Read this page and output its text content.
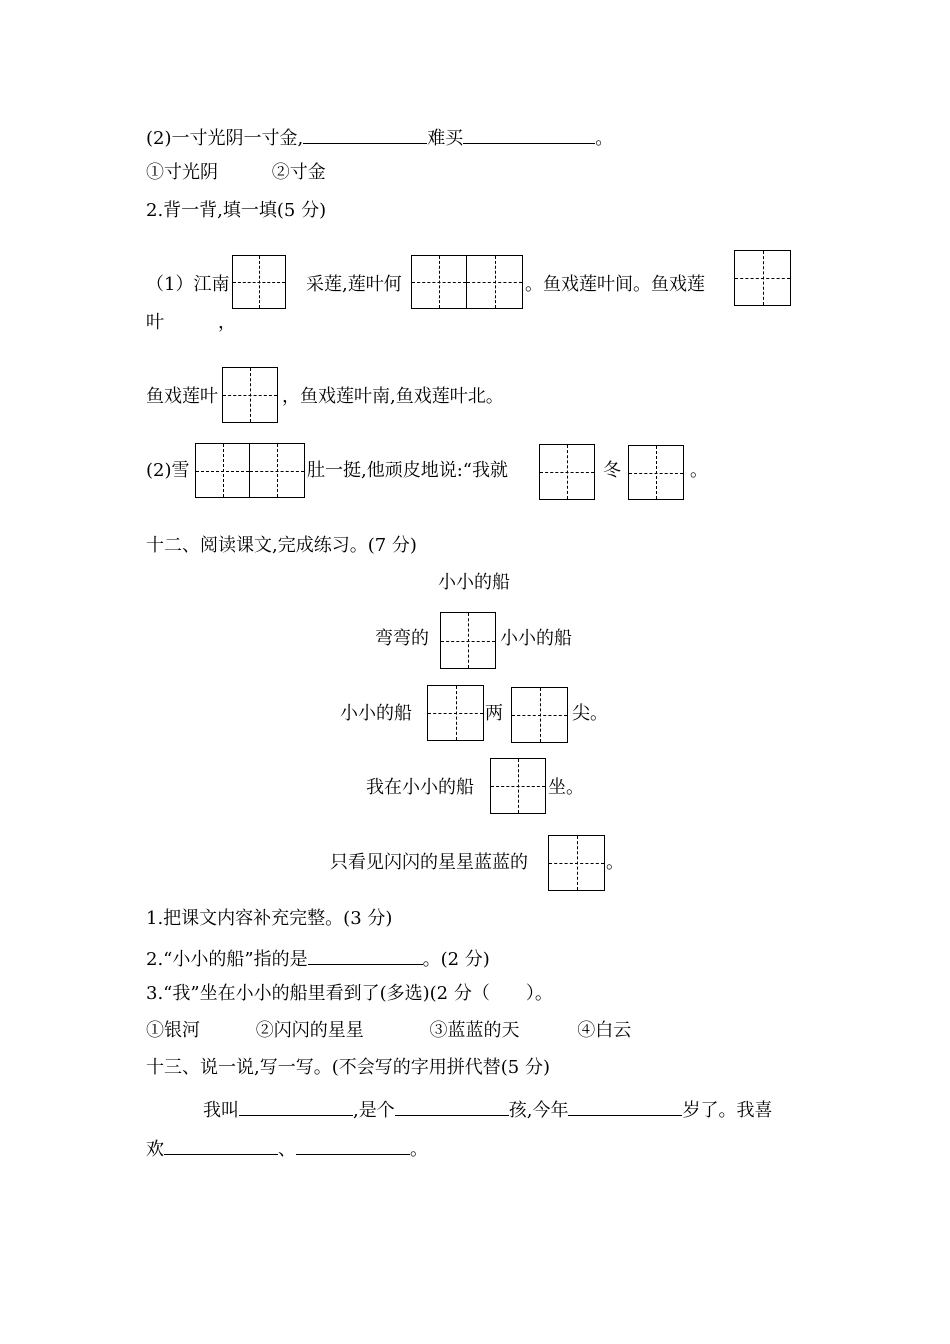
(2)一寸光阴一寸金,	难买	。
①寸光阴	②寸金
2.背一背,填一填(5 分)
（1）江南	采莲,莲叶何	。鱼戏莲叶间。鱼戏莲
叶	，
鱼戏莲叶	，鱼戏莲叶南,鱼戏莲叶北。
(2)雪	肚一挺,他顽皮地说:“我就	冬	。
十二、阅读课文,完成练习。(7 分)
小小的船
弯弯的	小小的船
小小的船	两	尖。
我在小小的船	坐。
只看见闪闪的星星蓝蓝的	。
1.把课文内容补充完整。(3 分)
2.“小小的船”指的是	。(2 分)
3.“我”坐在小小的船里看到了(多选)(2 分（　　）。
①银河	②闪闪的星星	③蓝蓝的天	④白云
十三、说一说,写一写。(不会写的字用拼代替(5 分)
我叫	,是个	孩,今年	岁了。我喜
欢	、	。
